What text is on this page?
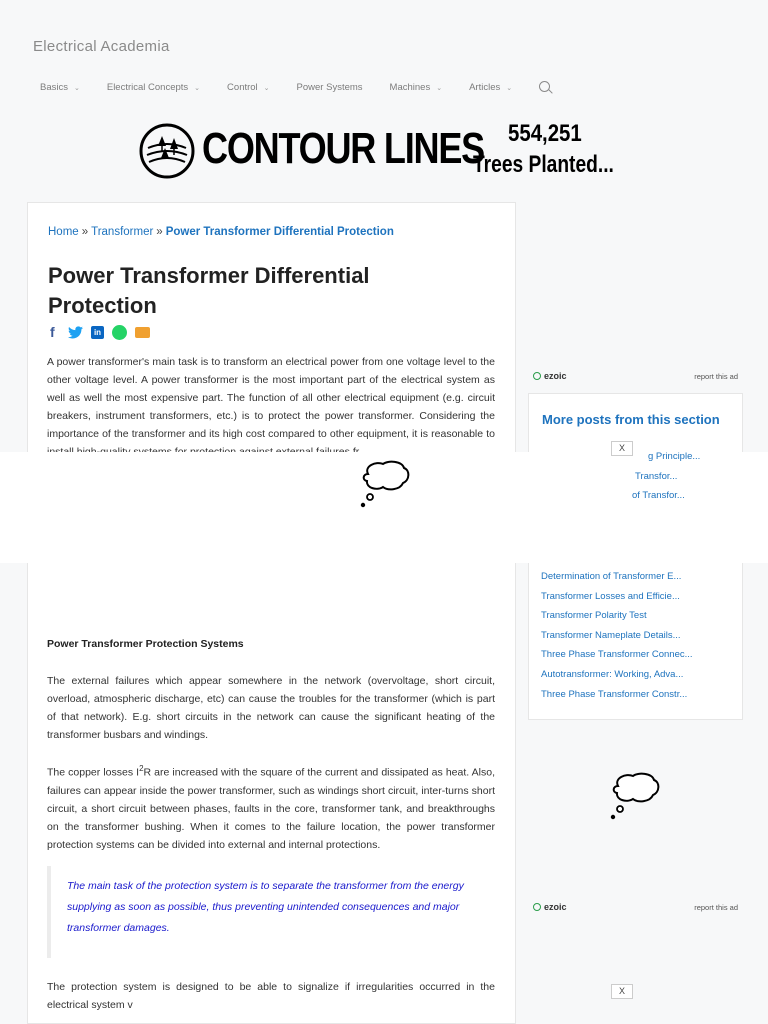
Electrical Academia
Basics ⌄	Electrical Concepts ⌄	Control ⌄	Power Systems	Machines ⌄	Articles ⌄
CONTOUR LINES 554,251
Trees Planted...
Home » Transformer » Power Transformer Differential Protection
Power Transformer Differential Protection
f	in

A power transformer's main task is to transform an electrical power from one voltage level to the other voltage level. A power transformer is the most important part of the electrical system as well as well the most expensive part. The function of all other electrical equipment (e.g. circuit breakers, instrument transformers, etc.) is to protect the power transformer. Considering the importance of the transformer and its high cost compared to other equipment, it is reasonable to

Power Transformer Protection Systems

The external failures which appear somewhere in the network (overvoltage, short circuit, overload, atmospheric discharge, etc) can cause the troubles for the transformer (which is part of that network). E.g. short circuits in the network can cause the significant heating of the transformer busbars and windings.

The copper losses $I^2R$ are increased with the square of the current and dissipated as heat. Also, failures can appear inside the power transformer, such as windings short circuit, inter-turns short circuit, a short circuit between phases, faults in the core, transformer tank, and breakthroughs on the transformer bushing. When it comes to the failure location, the power transformer protection systems can be divided into external and internal protections.

The main task of the protection system is to separate the transformer from the energy supplying as soon as possible, thus preventing unintended consequences and major transformer damages.

The protection system is designed to be able to signalize if irregularities occurred in the electrical system v

More posts from this section
ezoic	report this ad
X
g Principle...
Transfor...
of Transfor...
Determination of Transformer E...
Transformer Losses and Efficie...
Transformer Polarity Test
Transformer Nameplate Details...
Three Phase Transformer Connec...
Autotransformer: Working, Adva...
Three Phase Transformer Constr...
ezoic	report this ad
X
